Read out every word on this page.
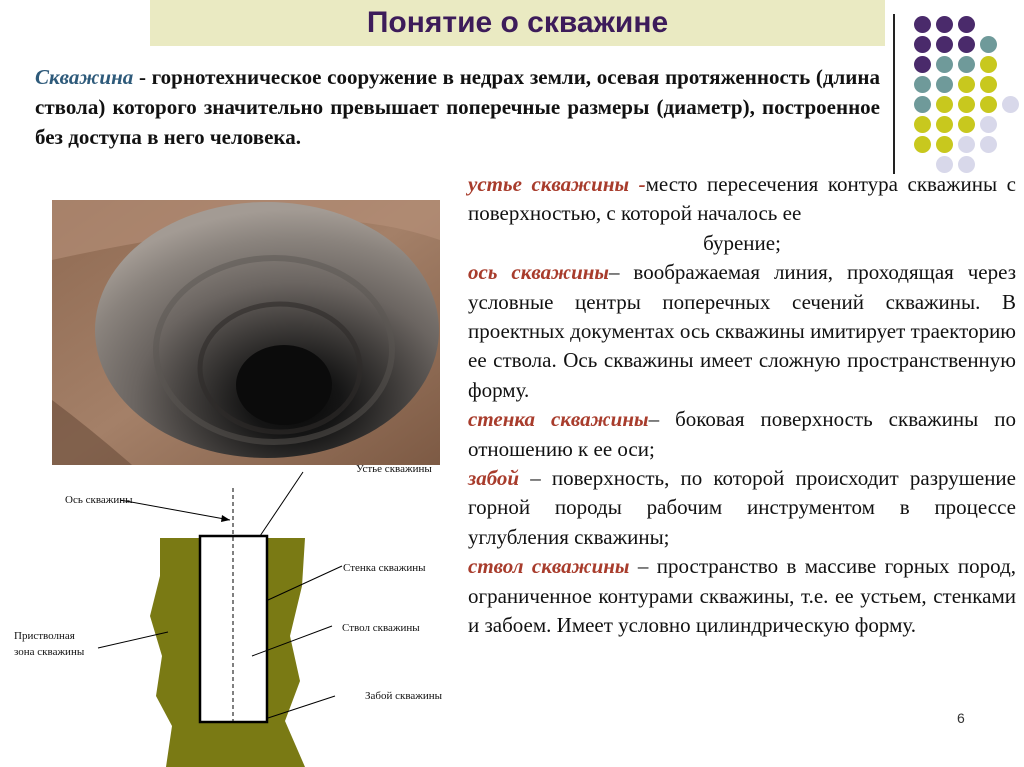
Понятие о скважине
Скважина - горнотехническое сооружение в недрах земли, осевая протяженность (длина ствола) которого значительно превышает поперечные размеры (диаметр), построенное без доступа в него человека.

устье скважины -место пересечения контура скважины с поверхностью, с которой началось ее

бурение;

ось скважины– воображаемая линия, проходящая через условные центры поперечных сечений скважины. В проектных документах ось скважины имитирует траекторию ее ствола. Ось скважины имеет сложную пространственную форму.

стенка скважины– боковая поверхность скважины по отношению к ее оси;

забой – поверхность, по которой происходит разрушение горной породы рабочим инструментом в процессе углубления скважины;

ствол скважины – пространство в массиве горных пород, ограниченное контурами скважины, т.е. ее устьем, стенками и забоем. Имеет условно цилиндрическую форму.

Устье скважины
Ось скважины
Стенка скважины
Ствол скважины
Пристволная
зона скважины
Забой скважины
6
